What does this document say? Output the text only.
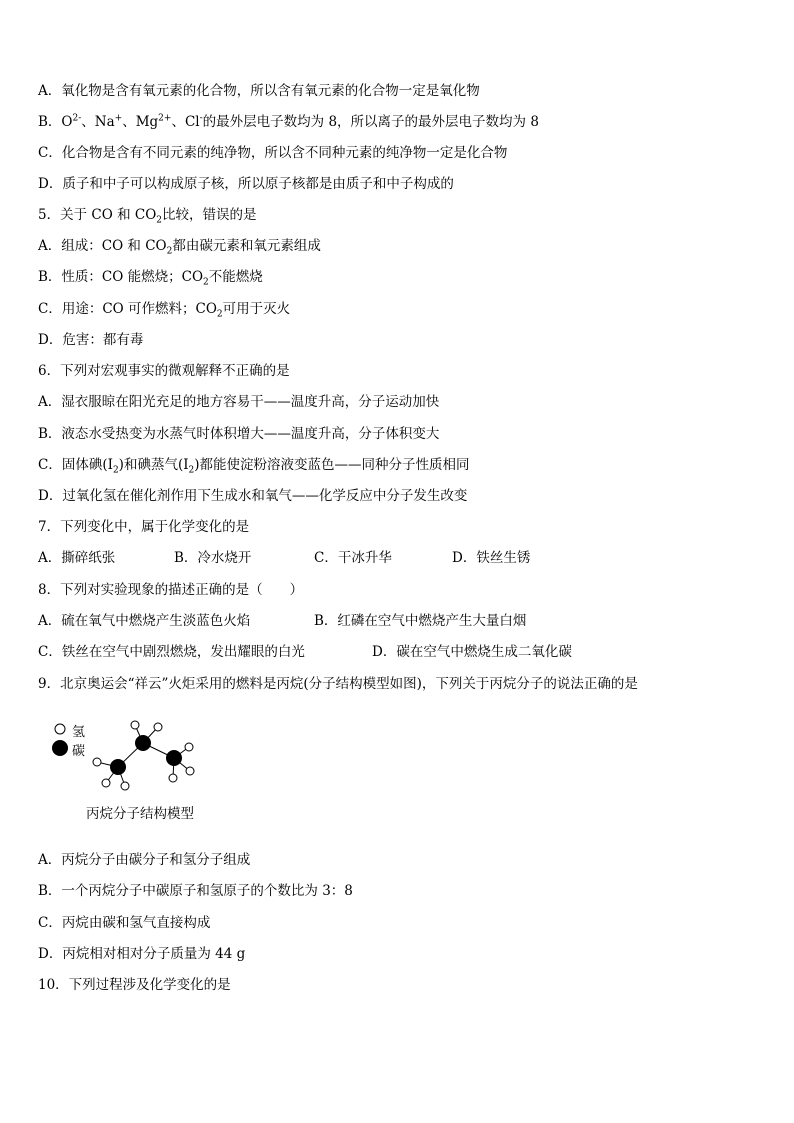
A．氧化物是含有氧元素的化合物，所以含有氧元素的化合物一定是氧化物
B．$O^{2-}$、Na+、$Mg^{2+}$、Cl-的最外层电子数均为 8，所以离子的最外层电子数均为 8
C．化合物是含有不同元素的纯净物，所以含不同种元素的纯净物一定是化合物
D．质子和中子可以构成原子核，所以原子核都是由质子和中子构成的
5．关于 CO 和 $CO_2$比较，错误的是
A．组成：CO 和 $CO_2$都由碳元素和氧元素组成
B．性质：CO 能燃烧；$CO_2$不能燃烧
C．用途：CO 可作燃料；$CO_2$可用于灭火
D．危害：都有毒
6．下列对宏观事实的微观解释不正确的是
A．湿衣服晾在阳光充足的地方容易干——温度升高，分子运动加快
B．液态水受热变为水蒸气时体积增大——温度升高，分子体积变大
C．固体碘$(I_2)$和碘蒸气$(I_2)$都能使淀粉溶液变蓝色——同种分子性质相同
D．过氧化氢在催化剂作用下生成水和氧气——化学反应中分子发生改变
7．下列变化中，属于化学变化的是
A．撕碎纸张	B．冷水烧开	C．干冰升华	D．铁丝生锈
8．下列对实验现象的描述正确的是（　　）
A．硫在氧气中燃烧产生淡蓝色火焰	B．红磷在空气中燃烧产生大量白烟
C．铁丝在空气中剧烈燃烧，发出耀眼的白光	D．碳在空气中燃烧生成二氧化碳
9．北京奥运会“祥云”火炬采用的燃料是丙烷(分子结构模型如图)，下列关于丙烷分子的说法正确的是
氢
碳
丙烷分子结构模型
A．丙烷分子由碳分子和氢分子组成
B．一个丙烷分子中碳原子和氢原子的个数比为 3：8
C．丙烷由碳和氢气直接构成
D．丙烷相对相对分子质量为 44 g
10．下列过程涉及化学变化的是
